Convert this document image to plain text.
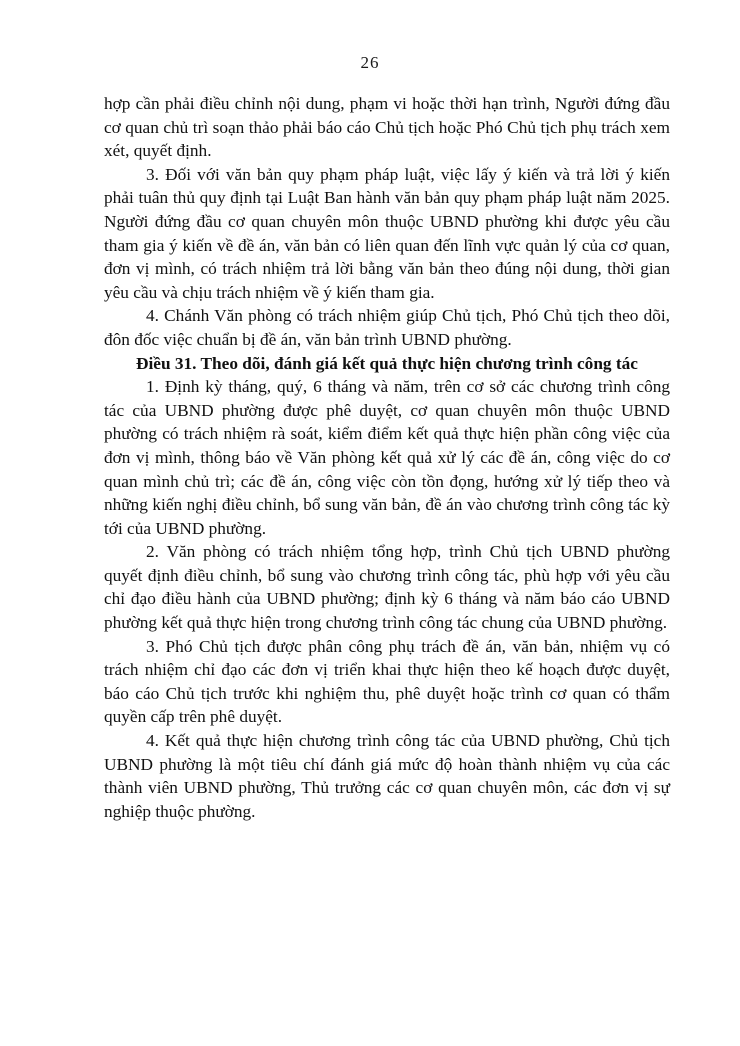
26

hợp cần phải điều chỉnh nội dung, phạm vi hoặc thời hạn trình, Người đứng đầu cơ quan chủ trì soạn thảo phải báo cáo Chủ tịch hoặc Phó Chủ tịch phụ trách xem xét, quyết định.

3. Đối với văn bản quy phạm pháp luật, việc lấy ý kiến và trả lời ý kiến phải tuân thủ quy định tại Luật Ban hành văn bản quy phạm pháp luật năm 2025. Người đứng đầu cơ quan chuyên môn thuộc UBND phường khi được yêu cầu tham gia ý kiến về đề án, văn bản có liên quan đến lĩnh vực quản lý của cơ quan, đơn vị mình, có trách nhiệm trả lời bằng văn bản theo đúng nội dung, thời gian yêu cầu và chịu trách nhiệm về ý kiến tham gia.

4. Chánh Văn phòng có trách nhiệm giúp Chủ tịch, Phó Chủ tịch theo dõi, đôn đốc việc chuẩn bị đề án, văn bản trình UBND phường.

Điều 31. Theo dõi, đánh giá kết quả thực hiện chương trình công tác

1. Định kỳ tháng, quý, 6 tháng và năm, trên cơ sở các chương trình công tác của UBND phường được phê duyệt, cơ quan chuyên môn thuộc UBND phường có trách nhiệm rà soát, kiểm điểm kết quả thực hiện phần công việc của đơn vị mình, thông báo về Văn phòng kết quả xử lý các đề án, công việc do cơ quan mình chủ trì; các đề án, công việc còn tồn đọng, hướng xử lý tiếp theo và những kiến nghị điều chỉnh, bổ sung văn bản, đề án vào chương trình công tác kỳ tới của UBND phường.

2. Văn phòng có trách nhiệm tổng hợp, trình Chủ tịch UBND phường quyết định điều chỉnh, bổ sung vào chương trình công tác, phù hợp với yêu cầu chỉ đạo điều hành của UBND phường; định kỳ 6 tháng và năm báo cáo UBND phường kết quả thực hiện trong chương trình công tác chung của UBND phường.

3. Phó Chủ tịch được phân công phụ trách đề án, văn bản, nhiệm vụ có trách nhiệm chỉ đạo các đơn vị triển khai thực hiện theo kế hoạch được duyệt, báo cáo Chủ tịch trước khi nghiệm thu, phê duyệt hoặc trình cơ quan có thẩm quyền cấp trên phê duyệt.

4. Kết quả thực hiện chương trình công tác của UBND phường, Chủ tịch UBND phường là một tiêu chí đánh giá mức độ hoàn thành nhiệm vụ của các thành viên UBND phường, Thủ trưởng các cơ quan chuyên môn, các đơn vị sự nghiệp thuộc phường.
